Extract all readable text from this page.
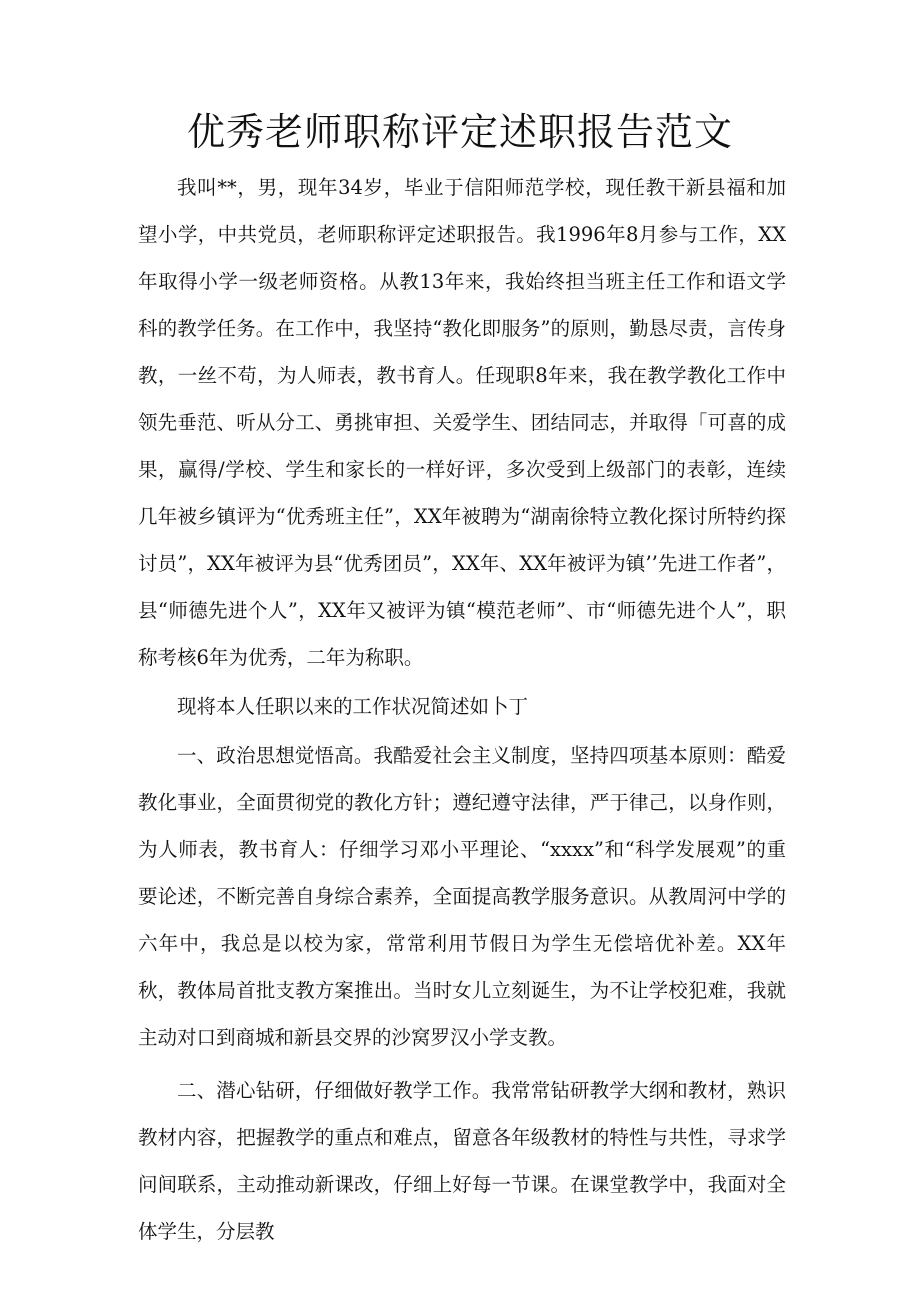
优秀老师职称评定述职报告范文

我叫**，男，现年34岁，毕业于信阳师范学校，现任教干新县福和加望小学，中共党员，老师职称评定述职报告。我1996年8月参与工作，XX年取得小学一级老师资格。从教13年来，我始终担当班主任工作和语文学科的教学任务。在工作中，我坚持“教化即服务”的原则，勤恳尽责，言传身教，一丝不苟，为人师表，教书育人。任现职8年来，我在教学教化工作中领先垂范、听从分工、勇挑审担、关爱学生、团结同志，并取得「可喜的成果，赢得/学校、学生和家长的一样好评，多次受到上级部门的表彰，连续几年被乡镇评为“优秀班主任”，XX年被聘为“湖南徐特立教化探讨所特约探讨员”，XX年被评为县“优秀团员”，XX年、XX年被评为镇’’先进工作者”，县“师德先进个人”，XX年又被评为镇“模范老师”、市“师德先进个人”，职称考核6年为优秀，二年为称职。

现将本人任职以来的工作状况简述如卜丁

一、政治思想觉悟高。我酷爱社会主义制度，坚持四项基本原则：酷爱教化事业，全面贯彻党的教化方针；遵纪遵守法律，严于律己，以身作则，为人师表，教书育人：仔细学习邓小平理论、“xxxx”和“科学发展观”的重要论述，不断完善自身综合素养，全面提高教学服务意识。从教周河中学的六年中，我总是以校为家，常常利用节假日为学生无偿培优补差。XX年秋，教体局首批支教方案推出。当时女儿立刻诞生，为不让学校犯难，我就主动对口到商城和新县交界的沙窝罗汉小学支教。

二、潜心钻研，仔细做好教学工作。我常常钻研教学大纲和教材，熟识教材内容，把握教学的重点和难点，留意各年级教材的特性与共性，寻求学问间联系，主动推动新课改，仔细上好每一节课。在课堂教学中，我面对全体学生，分层教
